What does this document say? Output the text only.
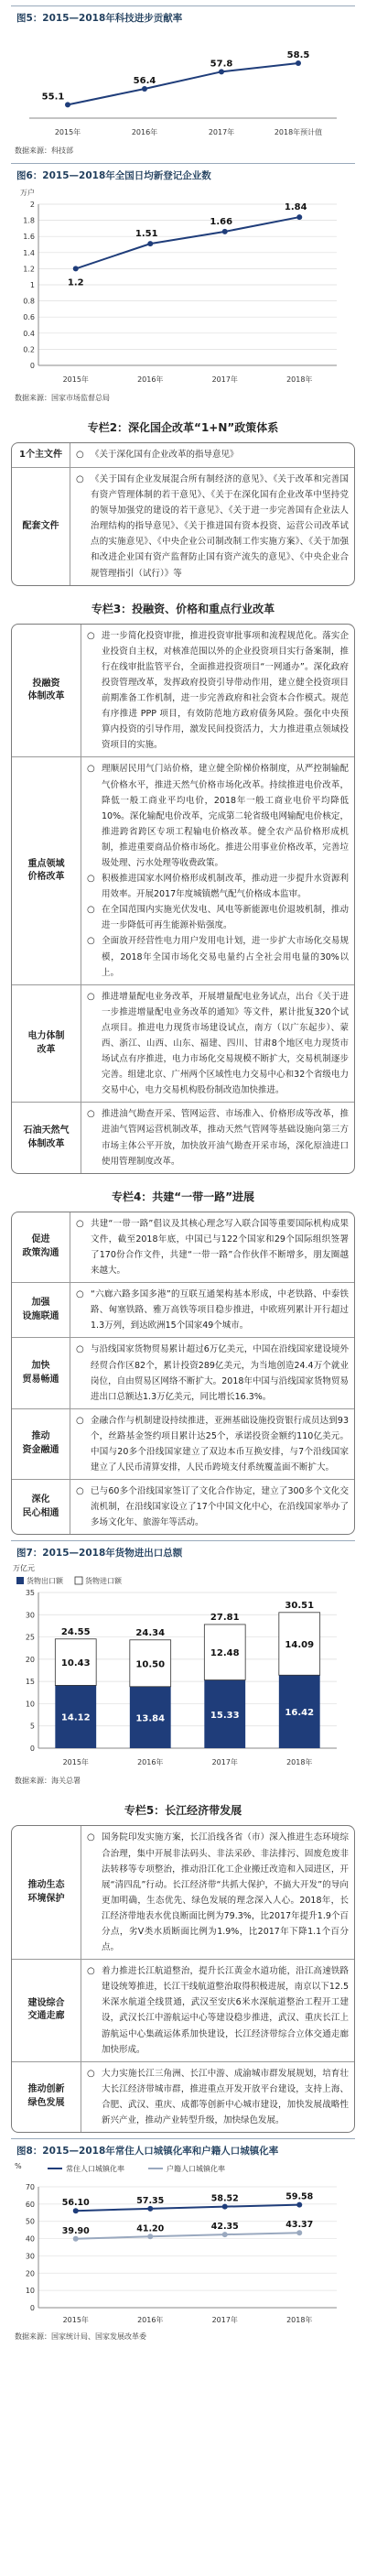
图5：2015—2018年科技进步贡献率
55.1
2015年
56.4
2016年
57.8
2017年
58.5
2018年预计值
数据来源：科技部
图6：2015—2018年全国日均新登记企业数
万户
2
1.8
1.6
1.4
1.2
1
0.8
0.6
0.4
0.2
0
1.2
2015年
1.51
2016年
1.66
2017年
1.84
2018年
数据来源：国家市场监督总局
专栏2：深化国企改革“1+N”政策体系
1个主文件	○ 《关于深化国有企业改革的指导意见》
配套文件
○ 《关于国有企业发展混合所有制经济的意见》、《关于改革和完善国有资产管理体制的若干意见》、《关于在深化国有企业改革中坚持党的领导加强党的建设的若干意见》、《关于进一步完善国有企业法人治理结构的指导意见》、《关于推进国有资本投资、运营公司改革试点的实施意见》、《中央企业公司制改制工作实施方案》、《关于加强和改进企业国有资产监督防止国有资产流失的意见》、《中央企业合规管理指引（试行）》等
专栏3：投融资、价格和重点行业改革
投融资
体制改革
○ 进一步简化投资审批，推进投资审批事项和流程规范化。落实企业投资自主权，对核准范围以外的企业投资项目实行备案制，推行在线审批监管平台，全面推进投资项目“一网通办”。深化政府投资管理改革，发挥政府投资引导带动作用，建立健全投资项目前期准备工作机制，进一步完善政府和社会资本合作模式。规范有序推进 PPP 项目，有效防范地方政府债务风险。强化中央预算内投资的引导作用，激发民间投资活力，大力推进重点领域投资项目的实施。
重点领域
价格改革
○ 理顺居民用气门站价格，建立健全阶梯价格制度，从严控制输配气价格水平，推进天然气价格市场化改革。持续推进电价改革，降低一般工商业平均电价，2018年一般工商业电价平均降低10%。深化输配电价改革，完成第二轮省级电网输配电价核定，推进跨省跨区专项工程输电价格改革。健全农产品价格形成机制，推进重要商品价格市场化。推进公用事业价格改革，完善垃圾处理、污水处理等收费政策。
○ 积极推进国家水网价格形成机制改革，推动进一步提升水资源利用效率。开展2017年度城镇燃气配气价格成本监审。
○ 在全国范围内实施光伏发电、风电等新能源电价退坡机制，推动进一步降低可再生能源补贴强度。
○ 全面放开经营性电力用户发用电计划，进一步扩大市场化交易规模，2018年全国市场化交易电量约占全社会用电量的30%以上。
电力体制
改革
○ 推进增量配电业务改革，开展增量配电业务试点，出台《关于进一步推进增量配电业务改革的通知》等文件，累计批复320个试点项目。推进电力现货市场建设试点，南方（以广东起步）、蒙西、浙江、山西、山东、福建、四川、甘肃8个地区电力现货市场试点有序推进，电力市场化交易规模不断扩大，交易机制逐步完善。组建北京、广州两个区域性电力交易中心和32个省级电力交易中心，电力交易机构股份制改造加快推进。
石油天然气
体制改革
○ 推进油气勘查开采、管网运营、市场准入、价格形成等改革，推进油气管网运营机制改革，推动天然气管网等基础设施向第三方市场主体公平开放，加快放开油气勘查开采市场，深化原油进口使用管理制度改革。
专栏4：共建“一带一路”进展
促进
政策沟通
○ 共建“一带一路”倡议及其核心理念写入联合国等重要国际机构成果文件，截至2018年底，中国已与122个国家和29个国际组织签署了170份合作文件，共建“一带一路”合作伙伴不断增多，朋友圈越来越大。
加强
设施联通
○ “六廊六路多国多港”的互联互通架构基本形成，中老铁路、中泰铁路、匈塞铁路、雅万高铁等项目稳步推进，中欧班列累计开行超过1.3万列，到达欧洲15个国家49个城市。
加快
贸易畅通
○ 与沿线国家货物贸易累计超过6万亿美元，中国在沿线国家建设境外经贸合作区82个，累计投资289亿美元，为当地创造24.4万个就业岗位，自由贸易区网络不断扩大。2018年中国与沿线国家货物贸易进出口总额达1.3万亿美元，同比增长16.3%。
推动
资金融通
○ 金融合作与机制建设持续推进，亚洲基础设施投资银行成员达到93个，丝路基金签约项目累计达25个，承诺投资金额约110亿美元。中国与20多个沿线国家建立了双边本币互换安排，与7个沿线国家建立了人民币清算安排，人民币跨境支付系统覆盖面不断扩大。
深化
民心相通
○ 已与60多个沿线国家签订了文化合作协定，建立了300多个文化交流机制，在沿线国家设立了17个中国文化中心，在沿线国家举办了多场文化年、旅游年等活动。
图7：2015—2018年货物进出口总额
万亿元
货物出口额	货物进口额
35
30
25
20
15
10
5
0
14.12
10.43
24.55
2015年
13.84
10.50
24.34
2016年
15.33
12.48
27.81
2017年
16.42
14.09
30.51
2018年
数据来源：海关总署
专栏5：长江经济带发展
推动生态
环境保护
○ 国务院印发实施方案，长江沿线各省（市）深入推进生态环境综合治理，集中开展非法码头、非法采砂、非法排污、固废危废非法转移等专项整治，推动沿江化工企业搬迁改造和入园进区，开展“清四乱”行动。长江经济带“共抓大保护，不搞大开发”的导向更加明确，生态优先、绿色发展的理念深入人心。2018年，长江经济带地表水优良断面比例为79.3%，比2017年提升1.9个百分点，劣Ⅴ类水质断面比例为1.9%，比2017年下降1.1个百分点。
建设综合
交通走廊
○ 着力推进长江航道整治，提升长江黄金水道功能，沿江高速铁路建设统筹推进，长江干线航道整治取得积极进展，南京以下12.5米深水航道全线贯通，武汉至安庆6米水深航道整治工程开工建设，武汉长江中游航运中心等建设稳步推进，武汉、重庆长江上游航运中心集疏运体系加快建设，长江经济带综合立体交通走廊加快形成。
推动创新
绿色发展
○ 大力实施长江三角洲、长江中游、成渝城市群发展规划，培育壮大长江经济带城市群，推进重点开发开放平台建设，支持上海、合肥、武汉、重庆、成都等创新中心城市建设，加快发展战略性新兴产业，推动产业转型升级，加快绿色发展。
图8：2015—2018年常住人口城镇化率和户籍人口城镇化率
%	常住人口城镇化率	户籍人口城镇化率
70
60
50
40
30
20
10
0
56.10	57.35	58.52	59.58
39.90	41.20	42.35	43.37
2015年	2016年	2017年	2018年
数据来源：国家统计局、国家发展改革委
